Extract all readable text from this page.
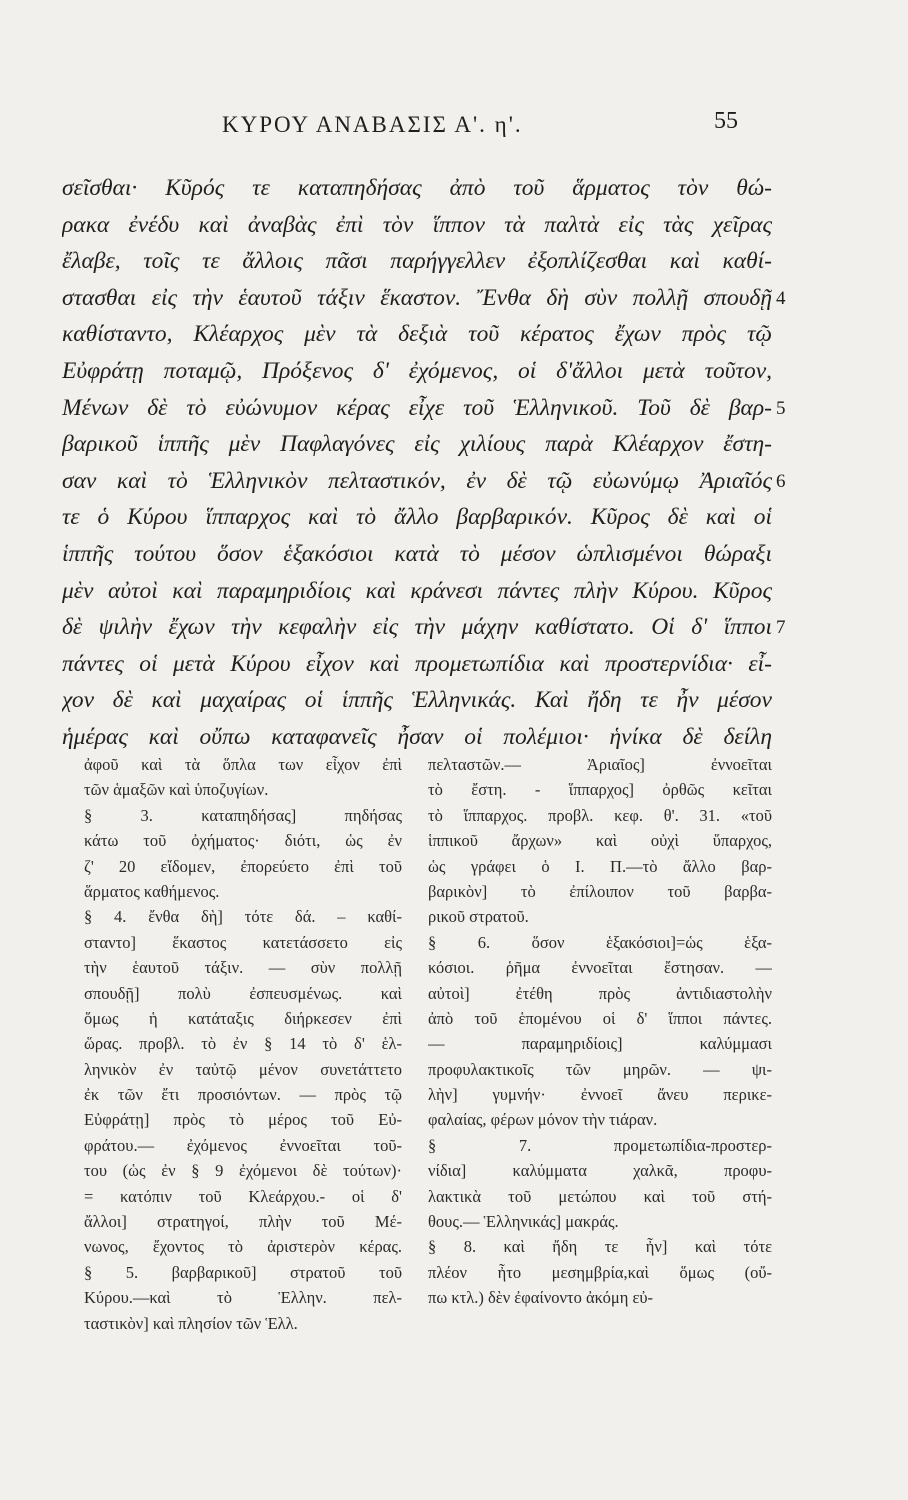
ΚΥΡΟΥ ΑΝΑΒΑΣΙΣ Α'. η'.	55
σεῖσθαι· Κῦρός τε καταπηδήσας ἀπὸ τοῦ ἅρματος τὸν θώ-
ρακα ἐνέδυ καὶ ἀναβὰς ἐπὶ τὸν ἵππον τὰ παλτὰ εἰς τὰς χεῖρας
ἔλαβε, τοῖς τε ἄλλοις πᾶσι παρήγγελλεν ἐξοπλίζεσθαι καὶ καθί-
στασθαι εἰς τὴν ἑαυτοῦ τάξιν ἕκαστον. Ἔνθα δὴ σὺν πολλῇ σπουδῇ
καθίσταντο, Κλέαρχος μὲν τὰ δεξιὰ τοῦ κέρατος ἔχων πρὸς τῷ
Εὐφράτῃ ποταμῷ, Πρόξενος δ' ἐχόμενος, οἱ δ'ἄλλοι μετὰ τοῦτον,
Μένων δὲ τὸ εὐώνυμον κέρας εἶχε τοῦ Ἑλληνικοῦ. Τοῦ δὲ βαρ-
βαρικοῦ ἱππῆς μὲν Παφλαγόνες εἰς χιλίους παρὰ Κλέαρχον ἔστη-
σαν καὶ τὸ Ἑλληνικὸν πελταστικόν, ἐν δὲ τῷ εὐωνύμῳ Ἀριαῖός
τε ὁ Κύρου ἵππαρχος καὶ τὸ ἄλλο βαρβαρικόν. Κῦρος δὲ καὶ οἱ
ἱππῆς τούτου ὅσον ἑξακόσιοι κατὰ τὸ μέσον ὡπλισμένοι θώραξι
μὲν αὐτοὶ καὶ παραμηριδίοις καὶ κράνεσι πάντες πλὴν Κύρου. Κῦρος
δὲ ψιλὴν ἔχων τὴν κεφαλὴν εἰς τὴν μάχην καθίστατο. Οἱ δ' ἵπποι
πάντες οἱ μετὰ Κύρου εἶχον καὶ προμετωπίδια καὶ προστερνίδια· εἶ-
χον δὲ καὶ μαχαίρας οἱ ἱππῆς Ἑλληνικάς. Καὶ ἤδη τε ἦν μέσον
ἡμέρας καὶ οὔπω καταφανεῖς ἦσαν οἱ πολέμιοι· ἡνίκα δὲ δείλη
4
5
6
7
ἀφοῦ καὶ τὰ ὅπλα των εἶχον ἐπὶ
τῶν ἁμαξῶν καὶ ὑποζυγίων.
§ 3. καταπηδήσας] πηδήσας
κάτω τοῦ ὀχήματος· διότι, ὡς ἐν
ζ' 20 εἴδομεν, ἐπορεύετο ἐπὶ τοῦ
ἅρματος καθήμενος.
§ 4. ἔνθα δὴ] τότε δά. – καθί-
σταντο] ἕκαστος κατετάσσετο εἰς
τὴν ἑαυτοῦ τάξιν. — σὺν πολλῇ
σπουδῇ] πολὺ ἐσπευσμένως. καὶ
ὅμως ἡ κατάταξις διήρκεσεν ἐπὶ
ὥρας. προβλ. τὸ ἐν § 14 τὸ δ' ἑλ-
ληνικὸν ἐν ταὐτῷ μένον συνετάττετο
ἐκ τῶν ἔτι προσιόντων. — πρὸς τῷ
Εὐφράτῃ] πρὸς τὸ μέρος τοῦ Εὐ-
φράτου.— ἐχόμενος ἐννοεῖται τοῦ-
του (ὡς ἐν § 9 ἐχόμενοι δὲ τούτων)·
= κατόπιν τοῦ Κλεάρχου.- οἱ δ'
ἄλλοι] στρατηγοί, πλὴν τοῦ Μέ-
νωνος, ἔχοντος τὸ ἀριστερὸν κέρας.
§ 5. βαρβαρικοῦ] στρατοῦ τοῦ
Κύρου.—καὶ τὸ Ἑλλην. πελ-
ταστικὸν] καὶ πλησίον τῶν Ἑλλ.
πελταστῶν.— Ἀριαῖος] ἐννοεῖται
τὸ ἔστη. - ἵππαρχος] ὀρθῶς κεῖται
τὸ ἵππαρχος. προβλ. κεφ. θ'. 31. «τοῦ
ἱππικοῦ ἄρχων» καὶ οὐχὶ ὕπαρχος,
ὡς γράφει ὁ Ι. Π.—τὸ ἄλλο βαρ-
βαρικὸν] τὸ ἐπίλοιπον τοῦ βαρβα-
ρικοῦ στρατοῦ.
§ 6. ὅσον ἑξακόσιοι]=ὡς ἑξα-
κόσιοι. ῥῆμα ἐννοεῖται ἔστησαν. —
αὐτοὶ] ἐτέθη πρὸς ἀντιδιαστολὴν
ἀπὸ τοῦ ἑπομένου οἱ δ' ἵπποι πάντες.
— παραμηριδίοις] καλύμμασι
προφυλακτικοῖς τῶν μηρῶν. — ψι-
λὴν] γυμνήν· ἐννοεῖ ἄνευ περικε-
φαλαίας, φέρων μόνον τὴν τιάραν.
§ 7. προμετωπίδια-προστερ-
νίδια] καλύμματα χαλκᾶ, προφυ-
λακτικὰ τοῦ μετώπου καὶ τοῦ στή-
θους.— Ἑλληνικάς] μακράς.
§ 8. καὶ ἤδη τε ἦν] καὶ τότε
πλέον ἦτο μεσημβρία,καὶ ὅμως (οὔ-
πω κτλ.) δὲν ἐφαίνοντο ἀκόμη εὐ-
